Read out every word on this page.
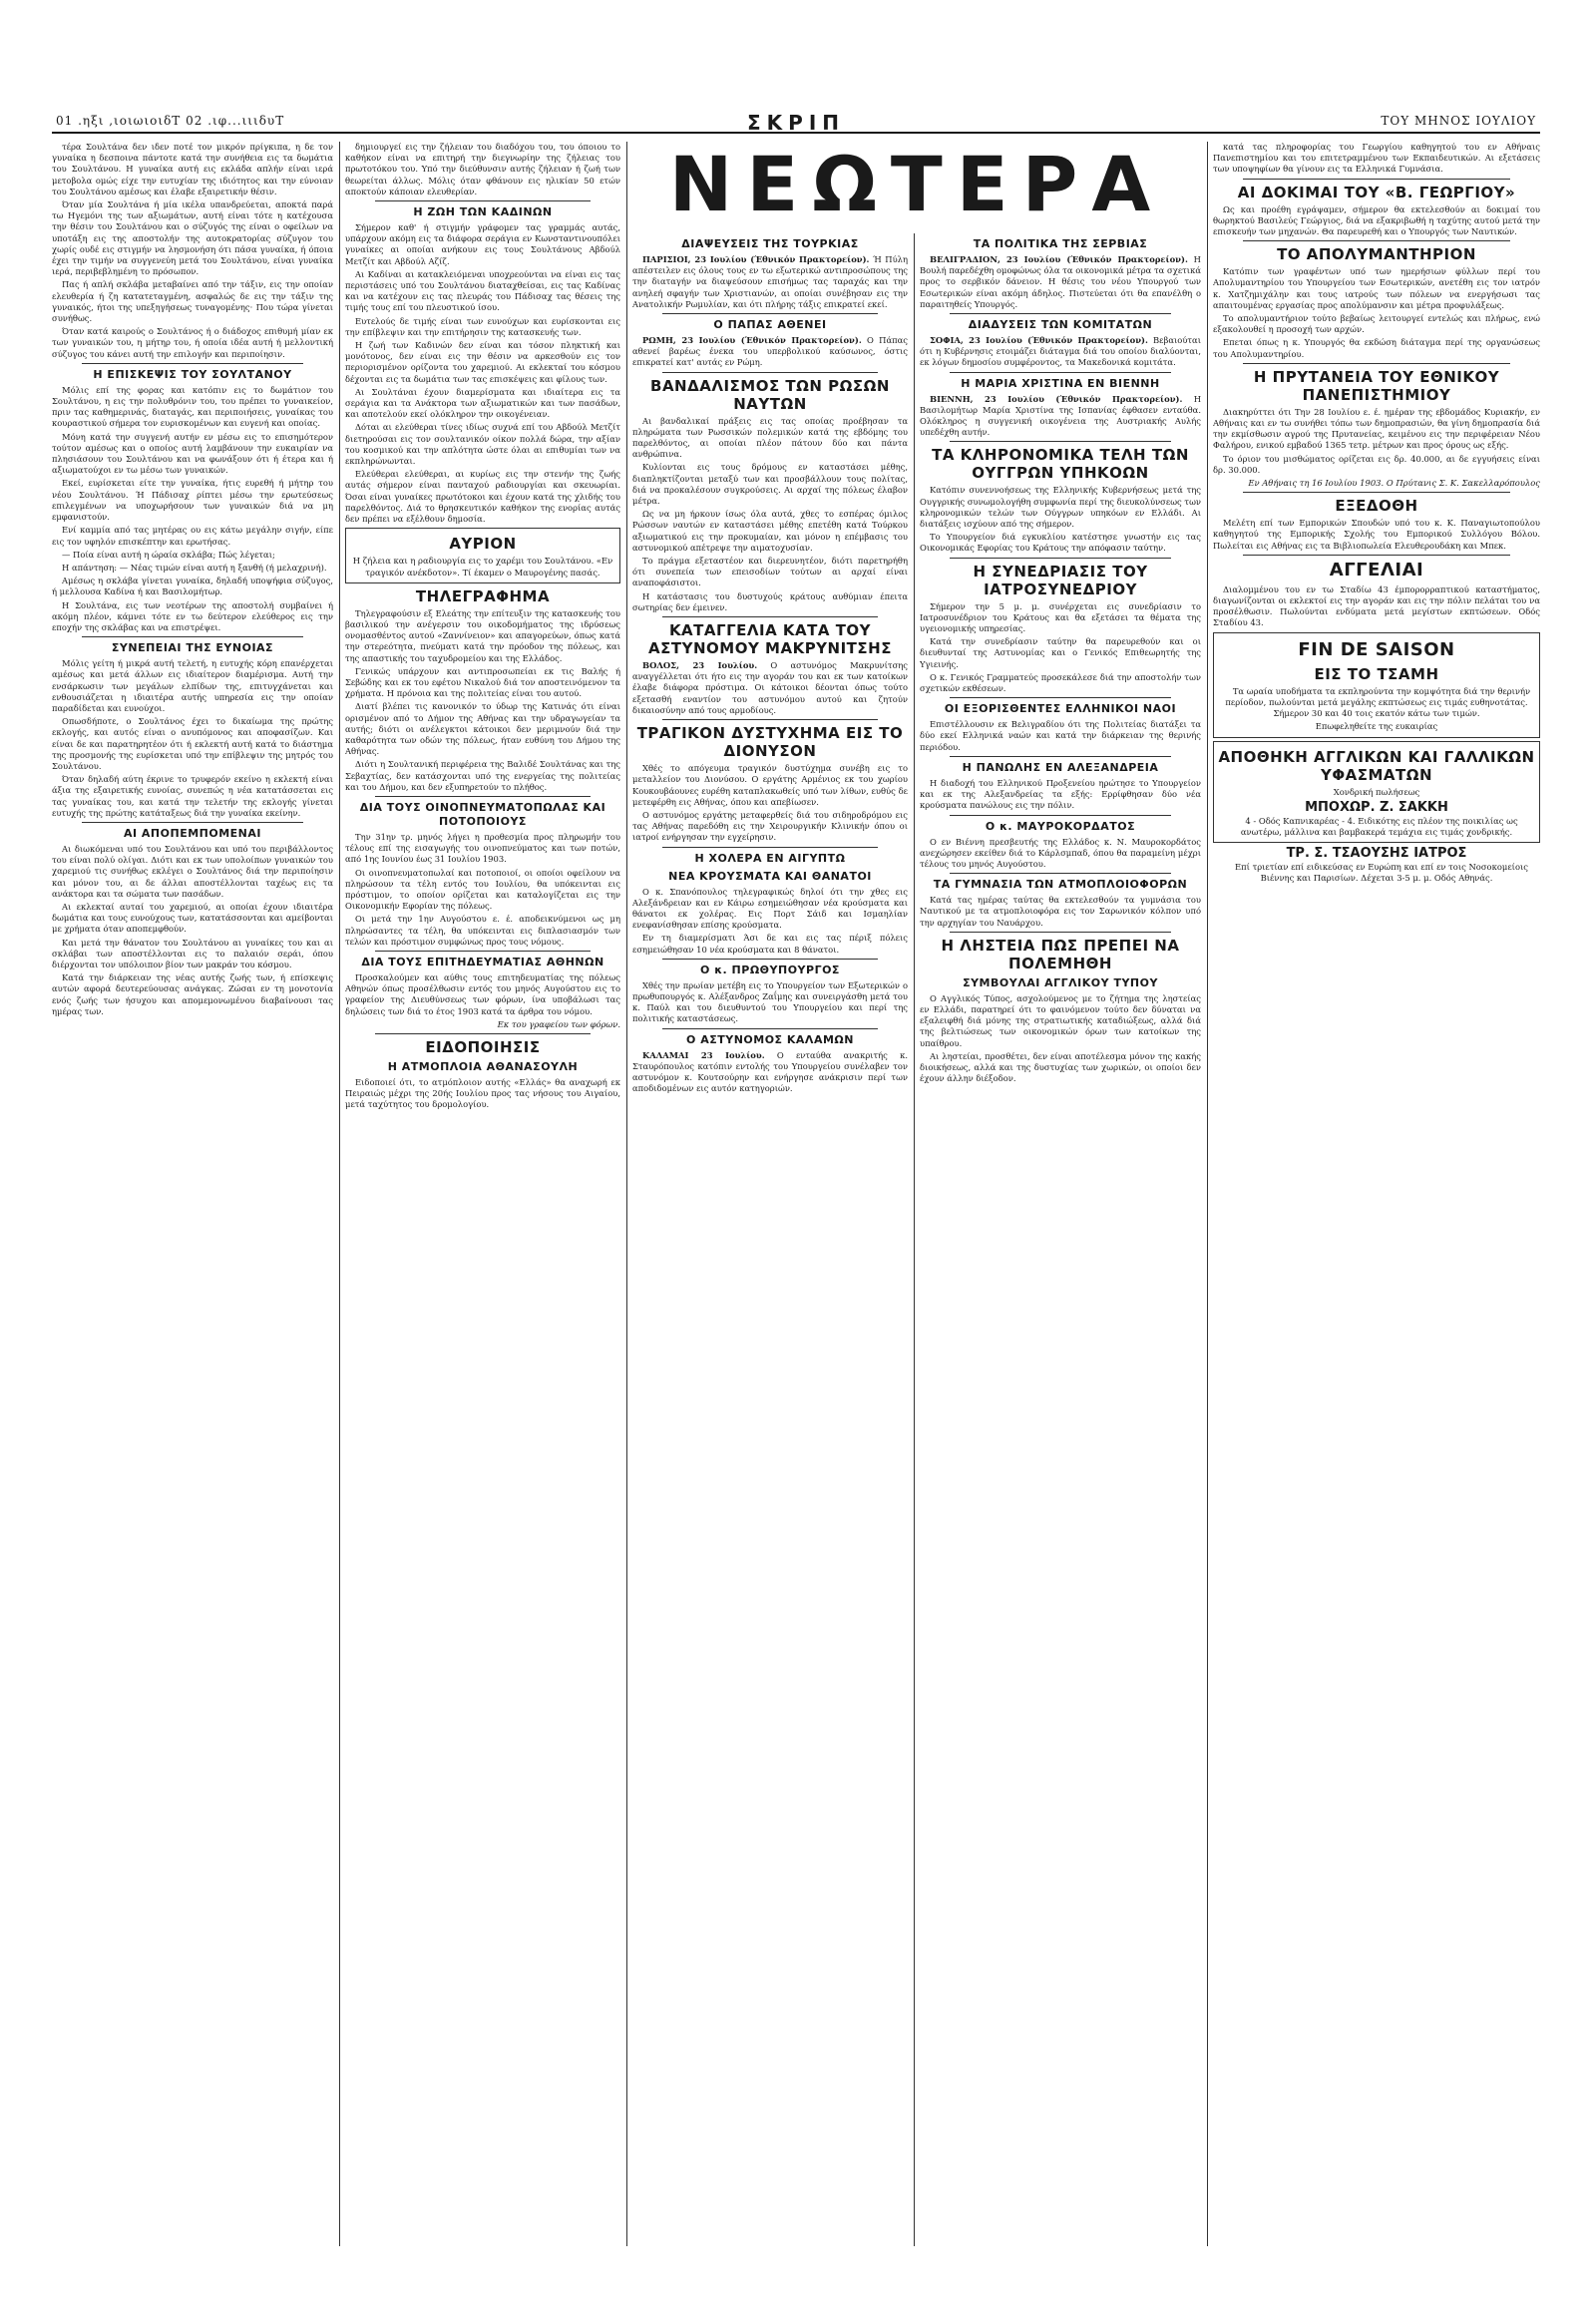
01 .ηξι ,ιοιωιοιδΤ 02 .ιφ...ιιιδυΤ	ΣΚΡΙΠ	ΤΟΥ ΜΗΝΟΣ ΙΟΥΛΙΟΥ

τέρα Σουλτάνα δεν ιδεν ποτέ τον μικρόν πρίγκιπα, η δε τον γυναίκα η δεσποινα πάντοτε κατά την συνήθεια εις τα δωμάτια του Σουλτάνου. Η γυναίκα αυτή εις εκλάδα απλήν είναι ιερά μετοβολα ομώς είχε την ευτυχίαν της ιδιότητος και την εύνοιαν του Σουλτάνου αμέσως και έλαβε εξαιρετικήν θέσιν.

Όταν μία Σουλτάνα ή μία ικέλα υπανδρεύεται, αποκτά παρά τω Ηγεμόνι της των αξιωμάτων, αυτή είναι τότε η κατέχουσα την θέσιν του Σουλτάνου και ο σύζυγός της είναι ο οφείλων να υποτάξη εις της αποστολήν της αυτοκρατορίας σύζυγον του χωρίς ουδέ εις στιγμήν να λησμονήση ότι πάσα γυναίκα, ή όποια έχει την τιμήν να συγγενεύη μετά του Σουλτάνου, είναι γυναίκα ιερά, περιβεβλημένη το πρόσωπον.

Πας ή απλή σκλάβα μεταβαίνει από την τάξιν, εις την οποίαν ελευθερία ή ζη κατατεταγμένη, ασφαλώς δε εις την τάξιν της γυναικός, ήτοι της υπεξηγήσεως τυναγομένης· Που τώρα γίνεται συνήθως.

Όταν κατά καιρούς ο Σουλτάνος ή ο διάδοχος επιθυμή μίαν εκ των γυναικών του, η μήτηρ του, ή οποία ιδέα αυτή ή μελλοντική σύζυγος του κάνει αυτή την επιλογήν και περιποίησιν.

Η ΕΠΙΣΚΕΨΙΣ ΤΟΥ ΣΟΥΛΤΑΝΟΥ

Μόλις επί της φορας και κατόπιν εις το δωμάτιον του Σουλτάνου, η εις την πολυθρόνιν του, του πρέπει το γυναικείον, πριν τας καθημερινάς, διαταγάς, και περιποιήσεις, γυναίκας του κουραστικού σήμερα τον ευρισκομένων και ευγενή και οποίας.

Μόνη κατά την συγγενή αυτήν εν μέσω εις το επισημότερον τούτον αμέσως και ο οποίος αυτή λαμβάνουν την ευκαιρίαν να πλησιάσουν του Σουλτάνου και να φωνάξουν ότι ή έτερα και ή αξιωματούχοι εν τω μέσω των γυναικών.

Εκεί, ευρίσκεται είτε την γυναίκα, ήτις ευρεθή ή μήτηρ του νέου Σουλτάνου. Ή Πάδισαχ ρίπτει μέσω την ερωτεύσεως επιλεγμένων να υποχωρήσουν των γυναικών διά να μη εμφανιστούν.

Ενί καμμία από τας μητέρας ου εις κάτω μεγάλην σιγήν, είπε εις τον υφηλόν επισκέπτην και ερωτήσας.

— Ποία είναι αυτή η ώραία σκλάβα; Πώς λέγεται;

Η απάντηση: — Νέας τιμών είναι αυτή η ξανθή (ή μελαχρινή).

Αμέσως η σκλάβα γίνεται γυναίκα, δηλαδή υποψήφια σύζυγος, ή μελλουσα Καδίνα ή και Βασιλομήτωρ.

Η Σουλτάνα, εις των νεοτέρων της αποστολή συμβαίνει ή ακόμη πλέον, κάμνει τότε εν τω δεύτερον ελεύθερος εις την εποχήν της σκλάβας και να επιστρέψει.

ΣΥΝΕΠΕΙΑΙ ΤΗΣ ΕΥΝΟΙΑΣ

Μόλις γείτη ή μικρά αυτή τελετή, η ευτυχής κόρη επανέρχεται αμέσως και μετά άλλων εις ιδιαίτερον διαμέρισμα. Αυτή την ενσάρκωσιν των μεγάλων ελπίδων της, επιτυγχάνεται και ενθουσιάζεται η ιδιαιτέρα αυτής υπηρεσία εις την οποίαν παραδίδεται και ευνούχοι.

Οπωσδήποτε, ο Σουλτάνος έχει το δικαίωμα της πρώτης εκλογής, και αυτός είναι ο ανυπόμονος και αποφασίζων. Και είναι δε και παρατηρητέον ότι ή εκλεκτή αυτή κατά το διάστημα της προσμονής της ευρίσκεται υπό την επίβλεψιν της μητρός του Σουλτάνου.

Όταν δηλαδή αύτη έκρινε το τρυφερόν εκείνο η εκλεκτή είναι άξια της εξαιρετικής ευνοίας, συνεπώς η νέα κατατάσσεται εις τας γυναίκας του, και κατά την τελετήν της εκλογής γίνεται ευτυχής της πρώτης κατάταξεως διά την γυναίκα εκείνην.

ΑΙ ΑΠΟΠΕΜΠΟΜΕΝΑΙ

Αι διωκόμεναι υπό του Σουλτάνου και υπό του περιβάλλοντος του είναι πολύ ολίγαι. Διότι και εκ των υπολοίπων γυναικών του χαρεμιού τις συνήθως εκλέγει ο Σουλτάνος διά την περιποίησιν και μόνον του, αι δε άλλαι αποστέλλονται ταχέως εις τα ανάκτορα και τα σώματα των πασάδων.

Αι εκλεκταί αυταί του χαρεμιού, αι οποίαι έχουν ιδιαιτέρα δωμάτια και τους ευνούχους των, κατατάσσονται και αμείβονται με χρήματα όταν αποπεμφθούν.

Και μετά την θάνατον του Σουλτάνου αι γυναίκες του και αι σκλάβαι των αποστέλλονται εις το παλαιόν σεράι, όπου διέρχονται τον υπόλοιπον βίον των μακράν του κόσμου.

Κατά την διάρκειαν της νέας αυτής ζωής των, ή επίσκεψις αυτών αφορά δευτερεύουσας ανάγκας. Ζώσαι εν τη μονοτονία ενός ζωής των ήσυχου και απομεμονωμένου διαβαίνουσι τας ημέρας των.

δημιουργεί εις την ζήλειαν του διαδόχου του, του όποιου το καθήκον είναι να επιτηρή την διεγνωρίην της ζήλειας του πρωτοτόκου του. Υπό την διεύθυνσιν αυτής ζήλειαν ή ζωή των θεωρείται άλλως. Μόλις όταν φθάνουν εις ηλικίαν 50 ετών αποκτούν κάποιαν ελευθερίαν.

Η ΖΩΗ ΤΩΝ ΚΑΔΙΝΩΝ

Σήμερον καθ' ή στιγμήν γράφομεν τας γραμμάς αυτάς, υπάρχουν ακόμη εις τα διάφορα σεράγια εν Κωνσταντινουπόλει γυναίκες αι οποίαι ανήκουν εις τους Σουλτάνους Αβδούλ Μετζίτ και Αβδούλ Αζίζ.

Αι Καδίναι αι κατακλειόμεναι υποχρεούνται να είναι εις τας περιστάσεις υπό του Σουλτάνου διαταχθείσαι, εις τας Καδίνας και να κατέχουν εις τας πλευράς του Πάδισαχ τας θέσεις της τιμής τους επί του πλευστικού ίσου.

Ευτελούς δε τιμής είναι των ευνούχων και ευρίσκονται εις την επίβλεψιν και την επιτήρησιν της κατασκευής των.

Η ζωή των Καδινών δεν είναι και τόσον πληκτική και μονότονος, δεν είναι εις την θέσιν να αρκεσθούν εις τον περιορισμένον ορίζοντα του χαρεμιού. Αι εκλεκταί του κόσμου δέχονται εις τα δωμάτια των τας επισκέψεις και φίλους των.

Αι Σουλτάναι έχουν διαμερίσματα και ιδιαίτερα εις τα σεράγια και τα Ανάκτορα των αξιωματικών και των πασάδων, και αποτελούν εκεί ολόκληρον την οικογένειαν.

Δόται αι ελεύθεραι τίνες ιδίως συχνά επί του Αβδούλ Μετζίτ διετηρούσαι εις τον σουλτανικόν οίκον πολλά δώρα, την αξίαν του κοσμικού και την απλότητα ώστε όλαι αι επιθυμίαι των να εκπληρώνωνται.

Ελεύθεραι ελεύθεραι, αι κυρίως εις την στενήν της ζωής αυτάς σήμερον είναι πανταχού ραδιουργίαι και σκευωρίαι. Όσαι είναι γυναίκες πρωτότοκοι και έχουν κατά της χλιδής του παρελθόντος. Διά το θρησκευτικόν καθήκον της ενορίας αυτάς δεν πρέπει να εξέλθουν δημοσία.

ΑΥΡΙΟΝ

Η ζήλεια και η ραδιουργία εις το χαρέμι του Σουλτάνου. «Εν τραγικόν ανέκδοτον». Τί έκαμεν ο Μαυρογένης πασάς.

ΤΗΛΕΓΡΑΦΗΜΑ

Τηλεγραφούσιν εξ Ελεάτης την επίτευξιν της κατασκευής του βασιλικού την ανέγερσιν του οικοδομήματος της ιδρύσεως ονομασθέντος αυτού «Ζαννίνειον» και απαγορεύων, όπως κατά την στερεότητα, πνεύματι κατά την πρόοδον της πόλεως, και της απαστικής του ταχυδρομείου και της Ελλάδος.

Γενικώς υπάρχουν και αντιπροσωπείαι εκ τις Βαλής ή Σεβώδης και εκ του εφέτου Νικαλού διά τον αποστεινόμενον τα χρήματα. Η πρόνοια και της πολιτείας είναι του αυτού.

Διατί βλέπει τις κανονικόν το ύδωρ της Κατινάς ότι είναι ορισμένον από το Δήμον της Αθήνας και την υδραγωγείαν τα αυτής; διότι οι ανέλεγκτοι κάτοικοι δεν μεριμνούν διά την καθαρότητα των οδών της πόλεως, ήταν ευθύνη του Δήμου της Αθήνας.

Διότι η Σουλτανική περιφέρεια της Βαλιδέ Σουλτάνας και της Σεβαχτίας, δεν κατάσχονται υπό της ενεργείας της πολιτείας και του Δήμου, και δεν εξυπηρετούν το πλήθος.

ΔΙΑ ΤΟΥΣ ΟΙΝΟΠΝΕΥΜΑΤΟΠΩΛΑΣ ΚΑΙ ΠΟΤΟΠΟΙΟΥΣ

Την 31ην τρ. μηνός λήγει η προθεσμία προς πληρωμήν του τέλους επί της εισαγωγής του οινοπνεύματος και των ποτών, από 1ης Ιουνίου έως 31 Ιουλίου 1903.

Οι οινοπνευματοπωλαί και ποτοποιοί, οι οποίοι οφείλουν να πληρώσουν τα τέλη εντός του Ιουλίου, θα υπόκεινται εις πρόστιμον, το οποίον ορίζεται και καταλογίζεται εις την Οικονομικήν Εφορίαν της πόλεως.

Οι μετά την 1ην Αυγούστου ε. έ. αποδεικνύμενοι ως μη πληρώσαντες τα τέλη, θα υπόκεινται εις διπλασιασμόν των τελών και πρόστιμον συμφώνως προς τους νόμους.

ΔΙΑ ΤΟΥΣ ΕΠΙΤΗΔΕΥΜΑΤΙΑΣ ΑΘΗΝΩΝ

Προσκαλούμεν και αύθις τους επιτηδευματίας της πόλεως Αθηνών όπως προσέλθωσιν εντός του μηνός Αυγούστου εις το γραφείον της Διευθύνσεως των φόρων, ίνα υποβάλωσι τας δηλώσεις των διά το έτος 1903 κατά τα άρθρα του νόμου.

Εκ του γραφείου των φόρων.

ΕΙΔΟΠΟΙΗΣΙΣ
Η ΑΤΜΟΠΛΟΙΑ ΑΘΑΝΑΣΟΥΛΗ

Ειδοποιεί ότι, το ατμόπλοιον αυτής «Ελλάς» θα αναχωρή εκ Πειραιώς μέχρι της 20ής Ιουλίου προς τας νήσους του Αιγαίου, μετά ταχύτητος του δρομολογίου.

ΝΕΩΤΕΡΑ
ΔΙΑΨΕΥΣΕΙΣ ΤΗΣ ΤΟΥΡΚΙΑΣ

ΠΑΡΙΣΙΟΙ, 23 Ιουλίου (Έθνικόν Πρακτορείον). Ή Πύλη απέστειλεν εις όλους τους εν τω εξωτερικώ αντιπροσώπους της την διαταγήν να διαψεύσουν επισήμως τας ταραχάς και την ανηλεή σφαγήν των Χριστιανών, αι οποίαι συνέβησαν εις την Ανατολικήν Ρωμυλίαν, και ότι πλήρης τάξις επικρατεί εκεί.

Ο ΠΑΠΑΣ ΑΘΕΝΕΙ

ΡΩΜΗ, 23 Ιουλίου (Έθνικόν Πρακτορείον). Ο Πάπας αθενεί βαρέως ένεκα του υπερβολικού καύσωνος, όστις επικρατεί κατ' αυτάς εν Ρώμη.

ΒΑΝΔΑΛΙΣΜΟΣ ΤΩΝ ΡΩΣΩΝ ΝΑΥΤΩΝ

Αι βανδαλικαί πράξεις εις τας οποίας προέβησαν τα πληρώματα των Ρωσσικών πολεμικών κατά της εβδόμης του παρελθόντος, αι οποίαι πλέον πάτουν δύο και πάντα ανθρώπινα.

Κυλίονται εις τους δρόμους εν καταστάσει μέθης, διαπληκτίζονται μεταξύ των και προσβάλλουν τους πολίτας, διά να προκαλέσουν συγκρούσεις. Αι αρχαί της πόλεως έλαβον μέτρα.

Ως να μη ήρκουν ίσως όλα αυτά, χθες το εσπέρας όμιλος Ρώσσων ναυτών εν καταστάσει μέθης επετέθη κατά Τούρκου αξιωματικού εις την προκυμαίαν, και μόνον η επέμβασις του αστυνομικού απέτρεψε την αιματοχυσίαν.

Το πράγμα εξεταστέον και διερευνητέον, διότι παρετηρήθη ότι συνεπεία των επεισοδίων τούτων αι αρχαί είναι αναποφάσιστοι.

Η κατάστασις του δυστυχούς κράτους αυθύμιαν έπειτα σωτηρίας δεν έμεινεν.

ΚΑΤΑΓΓΕΛΙΑ ΚΑΤΑ ΤΟΥ ΑΣΤΥΝΟΜΟΥ ΜΑΚΡΥΝΙΤΣΗΣ

ΒΟΛΟΣ, 23 Ιουλίου. Ο αστυνόμος Μακρυνίτσης αναγγέλλεται ότι ήτο εις την αγοράν του και εκ των κατοίκων έλαβε διάφορα πρόστιμα. Οι κάτοικοι δέονται όπως τούτο εξετασθή εναντίον του αστυνόμου αυτού και ζητούν δικαιοσύνην από τους αρμοδίους.

ΤΡΑΓΙΚΟΝ ΔΥΣΤΥΧΗΜΑ ΕΙΣ ΤΟ ΔΙΟΝΥΣΟΝ

Χθές το απόγευμα τραγικόν δυστύχημα συνέβη εις το μεταλλείον του Διονύσου. Ο εργάτης Αρμένιος εκ του χωρίου Κουκουβάουνες ευρέθη καταπλακωθείς υπό των λίθων, ευθύς δε μετεφέρθη εις Αθήνας, όπου και απεβίωσεν.

Ο αστυνόμος εργάτης μεταφερθείς διά του σιδηροδρόμου εις τας Αθήνας παρεδόθη εις την Χειρουργικήν Κλινικήν όπου οι ιατροί ενήργησαν την εγχείρησιν.

Η ΧΟΛΕΡΑ ΕΝ ΑΙΓΥΠΤΩ
ΝΕΑ ΚΡΟΥΣΜΑΤΑ ΚΑΙ ΘΑΝΑΤΟΙ

Ο κ. Σπανόπουλος τηλεγραφικώς δηλοί ότι την χθες εις Αλεξάνδρειαν και εν Κάιρω εσημειώθησαν νέα κρούσματα και θάνατοι εκ χολέρας. Εις Πορτ Σάιδ και Ισμαηλίαν ενεφανίσθησαν επίσης κρούσματα.

Εν τη διαμερίσματι Άσι δε και εις τας πέριξ πόλεις εσημειώθησαν 10 νέα κρούσματα και 8 θάνατοι.

Ο κ. ΠΡΩΘΥΠΟΥΡΓΟΣ

Χθές την πρωίαν μετέβη εις το Υπουργείον των Εξωτερικών ο πρωθυπουργός κ. Αλέξανδρος Ζαΐμης και συνειργάσθη μετά του κ. Παύλ και του διευθυντού του Υπουργείου και περί της πολιτικής καταστάσεως.

Ο ΑΣΤΥΝΟΜΟΣ ΚΑΛΑΜΩΝ

ΚΑΛΑΜΑΙ 23 Ιουλίου. Ο ενταύθα ανακριτής κ. Σταυρόπουλος κατόπιν εντολής του Υπουργείου συνέλαβεν τον αστυνόμον κ. Κουτσούρην και ενήργησε ανάκρισιν περί των αποδιδομένων εις αυτόν κατηγοριών.

ΤΑ ΠΟΛΙΤΙΚΑ ΤΗΣ ΣΕΡΒΙΑΣ

ΒΕΛΙΓΡΑΔΙΟΝ, 23 Ιουλίου (Έθνικόν Πρακτορείον). Η Βουλή παρεδέχθη ομοφώνως όλα τα οικονομικά μέτρα τα σχετικά προς το σερβικόν δάνειον. Η θέσις του νέου Υπουργού των Εσωτερικών είναι ακόμη άδηλος. Πιστεύεται ότι θα επανέλθη ο παραιτηθείς Υπουργός.

ΔΙΑΔΥΣΕΙΣ ΤΩΝ ΚΟΜΙΤΑΤΩΝ

ΣΟΦΙΑ, 23 Ιουλίου (Έθνικόν Πρακτορείον). Βεβαιούται ότι η Κυβέρνησις ετοιμάζει διάταγμα διά του οποίου διαλύονται, εκ λόγων δημοσίου συμφέροντος, τα Μακεδονικά κομιτάτα.

Η ΜΑΡΙΑ ΧΡΙΣΤΙΝΑ ΕΝ ΒΙΕΝΝΗ

ΒΙΕΝΝΗ, 23 Ιουλίου (Έθνικόν Πρακτορείον). Η Βασιλομήτωρ Μαρία Χριστίνα της Ισπανίας έφθασεν ενταύθα. Ολόκληρος η συγγενική οικογένεια της Αυστριακής Αυλής υπεδέχθη αυτήν.

ΤΑ ΚΛΗΡΟΝΟΜΙΚΑ ΤΕΛΗ ΤΩΝ ΟΥΓΓΡΩΝ ΥΠΗΚΟΩΝ

Κατόπιν συνεννοήσεως της Ελληνικής Κυβερνήσεως μετά της Ουγγρικής συνωμολογήθη συμφωνία περί της διευκολύνσεως των κληρονομικών τελών των Ούγγρων υπηκόων εν Ελλάδι. Αι διατάξεις ισχύουν από της σήμερον.

Το Υπουργείον διά εγκυκλίου κατέστησε γνωστήν εις τας Οικονομικάς Εφορίας του Κράτους την απόφασιν ταύτην.

Η ΣΥΝΕΔΡΙΑΣΙΣ ΤΟΥ ΙΑΤΡΟΣΥΝΕΔΡΙΟΥ

Σήμερον την 5 μ. μ. συνέρχεται εις συνεδρίασιν το Ιατροσυνέδριον του Κράτους και θα εξετάσει τα θέματα της υγειονομικής υπηρεσίας.

Κατά την συνεδρίασιν ταύτην θα παρευρεθούν και οι διευθυνταί της Αστυνομίας και ο Γενικός Επιθεωρητής της Υγιεινής.

Ο κ. Γενικός Γραμματεύς προσεκάλεσε διά την αποστολήν των σχετικών εκθέσεων.

ΟΙ ΕΞΟΡΙΣΘΕΝΤΕΣ ΕΛΛΗΝΙΚΟΙ ΝΑΟΙ

Επιστέλλουσιν εκ Βελιγραδίου ότι της Πολιτείας διατάξει τα δύο εκεί Ελληνικά ναών και κατά την διάρκειαν της θερινής περιόδου.

Η ΠΑΝΩΛΗΣ ΕΝ ΑΛΕΞΑΝΔΡΕΙΑ

Η διαδοχή του Ελληνικού Προξενείου ηρώτησε το Υπουργείον και εκ της Αλεξανδρείας τα εξής: Ερρίφθησαν δύο νέα κρούσματα πανώλους εις την πόλιν.

Ο κ. ΜΑΥΡΟΚΟΡΔΑΤΟΣ

Ο εν Βιέννη πρεσβευτής της Ελλάδος κ. Ν. Μαυροκορδάτος ανεχώρησεν εκείθεν διά το Κάρλσμπαδ, όπου θα παραμείνη μέχρι τέλους του μηνός Αυγούστου.

ΤΑ ΓΥΜΝΑΣΙΑ ΤΩΝ ΑΤΜΟΠΛΟΙΟΦΟΡΩΝ

Κατά τας ημέρας ταύτας θα εκτελεσθούν τα γυμνάσια του Ναυτικού με τα ατμοπλοιοφόρα εις τον Σαρωνικόν κόλπον υπό την αρχηγίαν του Ναυάρχου.

Η ΛΗΣΤΕΙΑ ΠΩΣ ΠΡΕΠΕΙ ΝΑ ΠΟΛΕΜΗΘΗ
ΣΥΜΒΟΥΛΑΙ ΑΓΓΛΙΚΟΥ ΤΥΠΟΥ

Ο Αγγλικός Τύπος, ασχολούμενος με το ζήτημα της ληστείας εν Ελλάδι, παρατηρεί ότι το φαινόμενον τούτο δεν δύναται να εξαλειφθή διά μόνης της στρατιωτικής καταδιώξεως, αλλά διά της βελτιώσεως των οικονομικών όρων των κατοίκων της υπαίθρου.

Αι ληστείαι, προσθέτει, δεν είναι αποτέλεσμα μόνον της κακής διοικήσεως, αλλά και της δυστυχίας των χωρικών, οι οποίοι δεν έχουν άλλην διέξοδον.

κατά τας πληροφορίας του Γεωργίου καθηγητού του εν Αθήναις Πανεπιστημίου και του επιτετραμμένου των Εκπαιδευτικών. Αι εξετάσεις των υποψηφίων θα γίνουν εις τα Ελληνικά Γυμνάσια.

ΑΙ ΔΟΚΙΜΑΙ ΤΟΥ «Β. ΓΕΩΡΓΙΟΥ»

Ως και προέθη εγράψαμεν, σήμερον θα εκτελεσθούν αι δοκιμαί του θωρηκτού Βασιλεύς Γεώργιος, διά να εξακριβωθή η ταχύτης αυτού μετά την επισκευήν των μηχανών. Θα παρευρεθή και ο Υπουργός των Ναυτικών.

ΤΟ ΑΠΟΛΥΜΑΝΤΗΡΙΟΝ

Κατόπιν των γραφέντων υπό των ημερήσιων φύλλων περί του Απολυμαντηρίου του Υπουργείου των Εσωτερικών, ανετέθη εις τον ιατρόν κ. Χατζημιχάλην και τους ιατρούς των πόλεων να ενεργήσωσι τας απαιτουμένας εργασίας προς απολύμανσιν και μέτρα προφυλάξεως.

Το απολυμαντήριον τούτο βεβαίως λειτουργεί εντελώς και πλήρως, ενώ εξακολουθεί η προσοχή των αρχών.

Επεται όπως η κ. Υπουργός θα εκδώση διάταγμα περί της οργανώσεως του Απολυμαντηρίου.

Η ΠΡΥΤΑΝΕΙΑ ΤΟΥ ΕΘΝΙΚΟΥ ΠΑΝΕΠΙΣΤΗΜΙΟΥ

Διακηρύττει ότι Την 28 Ιουλίου ε. έ. ημέραν της εβδομάδος Κυριακήν, εν Αθήναις και εν τω συνήθει τόπω των δημοπρασιών, θα γίνη δημοπρασία διά την εκμίσθωσιν αγρού της Πρυτανείας, κειμένου εις την περιφέρειαν Νέου Φαλήρου, ενικού εμβαδού 1365 τετρ. μέτρων και προς όρους ως εξής.

Το όριον του μισθώματος ορίζεται εις δρ. 40.000, αι δε εγγυήσεις είναι δρ. 30.000.

Εν Αθήναις τη 16 Ιουλίου 1903. Ο Πρύτανις Σ. Κ. Σακελλαρόπουλος

ΕΞΕΔΟΘΗ

Μελέτη επί των Εμπορικών Σπουδών υπό του κ. Κ. Παναγιωτοπούλου καθηγητού της Εμπορικής Σχολής του Εμπορικού Συλλόγου Βόλου. Πωλείται εις Αθήνας εις τα Βιβλιοπωλεία Ελευθερουδάκη και Μπεκ.

ΑΓΓΕΛΙΑΙ

Διαλομμένου του εν τω Σταδίω 43 έμπορορραπτικού καταστήματος, διαγωνίζονται οι εκλεκτοί εις την αγοράν και εις την πόλιν πελάται του να προσέλθωσιν. Πωλούνται ενδύματα μετά μεγίστων εκπτώσεων. Οδός Σταδίου 43.

FIN DE SAISON
ΕΙΣ ΤΟ ΤΣΑΜΗ

Τα ωραία υποδήματα τα εκπληρούντα την κομψότητα διά την θερινήν περίοδον, πωλούνται μετά μεγάλης εκπτώσεως εις τιμάς ευθηνοτάτας. Σήμερον 30 και 40 τοις εκατόν κάτω των τιμών.

Επωφεληθείτε της ευκαιρίας

ΑΠΟΘΗΚΗ ΑΓΓΛΙΚΩΝ ΚΑΙ ΓΑΛΛΙΚΩΝ ΥΦΑΣΜΑΤΩΝ

Χονδρική πωλήσεως

ΜΠΟΧΩΡ. Ζ. ΣΑΚΚΗ

4 - Οδός Καπνικαρέας - 4. Ειδικότης εις πλέον της ποικιλίας ως ανωτέρω, μάλλινα και βαμβακερά τεμάχια εις τιμάς χονδρικής.

ΤΡ. Σ. ΤΣΑΟΥΣΗΣ ΙΑΤΡΟΣ

Επί τριετίαν επί ειδικεύσας εν Ευρώπη και επί εν τοις Νοσοκομείοις Βιέννης και Παρισίων. Δέχεται 3-5 μ. μ. Οδός Αθηνάς.
